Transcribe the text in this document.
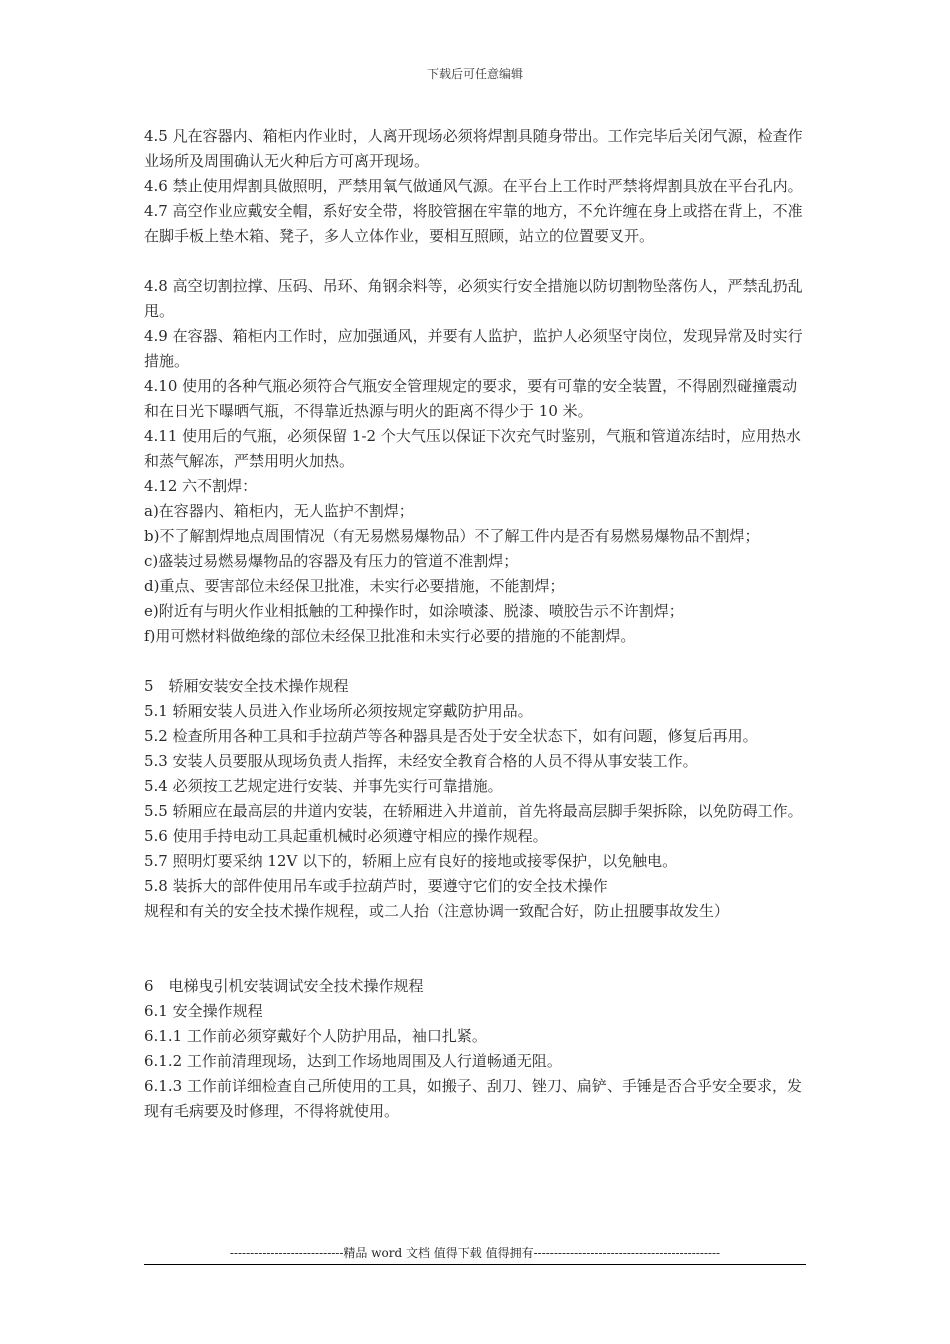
下载后可任意编辑

4.5 凡在容器内、箱柜内作业时，人离开现场必须将焊割具随身带出。工作完毕后关闭气源，检查作业场所及周围确认无火种后方可离开现场。

4.6 禁止使用焊割具做照明，严禁用氧气做通风气源。在平台上工作时严禁将焊割具放在平台孔内。

4.7 高空作业应戴安全帽，系好安全带，将胶管捆在牢靠的地方，不允许缠在身上或搭在背上，不准在脚手板上垫木箱、凳子，多人立体作业，要相互照顾，站立的位置要叉开。

4.8 高空切割拉撑、压码、吊环、角钢余料等，必须实行安全措施以防切割物坠落伤人，严禁乱扔乱甩。

4.9 在容器、箱柜内工作时，应加强通风，并要有人监护，监护人必须坚守岗位，发现异常及时实行措施。

4.10 使用的各种气瓶必须符合气瓶安全管理规定的要求，要有可靠的安全装置，不得剧烈碰撞震动和在日光下曝晒气瓶，不得靠近热源与明火的距离不得少于 10 米。

4.11 使用后的气瓶，必须保留 1-2 个大气压以保证下次充气时鉴别，气瓶和管道冻结时，应用热水和蒸气解冻，严禁用明火加热。

4.12 六不割焊：

a)在容器内、箱柜内，无人监护不割焊；

b)不了解割焊地点周围情况（有无易燃易爆物品）不了解工件内是否有易燃易爆物品不割焊；

c)盛装过易燃易爆物品的容器及有压力的管道不准割焊；

d)重点、要害部位未经保卫批准，未实行必要措施，不能割焊；

e)附近有与明火作业相抵触的工种操作时，如涂喷漆、脱漆、喷胶告示不许割焊；

f)用可燃材料做绝缘的部位未经保卫批准和未实行必要的措施的不能割焊。

5　轿厢安装安全技术操作规程

5.1 轿厢安装人员进入作业场所必须按规定穿戴防护用品。

5.2 检查所用各种工具和手拉葫芦等各种器具是否处于安全状态下，如有问题，修复后再用。

5.3 安装人员要服从现场负责人指挥，未经安全教育合格的人员不得从事安装工作。

5.4 必须按工艺规定进行安装、并事先实行可靠措施。

5.5 轿厢应在最高层的井道内安装，在轿厢进入井道前，首先将最高层脚手架拆除，以免防碍工作。

5.6 使用手持电动工具起重机械时必须遵守相应的操作规程。

5.7 照明灯要采纳 12V 以下的，轿厢上应有良好的接地或接零保护，以免触电。

5.8 装拆大的部件使用吊车或手拉葫芦时，要遵守它们的安全技术操作

规程和有关的安全技术操作规程，或二人抬（注意协调一致配合好，防止扭腰事故发生）

6　电梯曳引机安装调试安全技术操作规程

6.1 安全操作规程

6.1.1 工作前必须穿戴好个人防护用品，袖口扎紧。

6.1.2 工作前清理现场，达到工作场地周围及人行道畅通无阻。

6.1.3 工作前详细检查自己所使用的工具，如搬子、刮刀、锉刀、扁铲、手锤是否合乎安全要求，发现有毛病要及时修理，不得将就使用。

----------------------------精品 word 文档 值得下载 值得拥有----------------------------------------------
